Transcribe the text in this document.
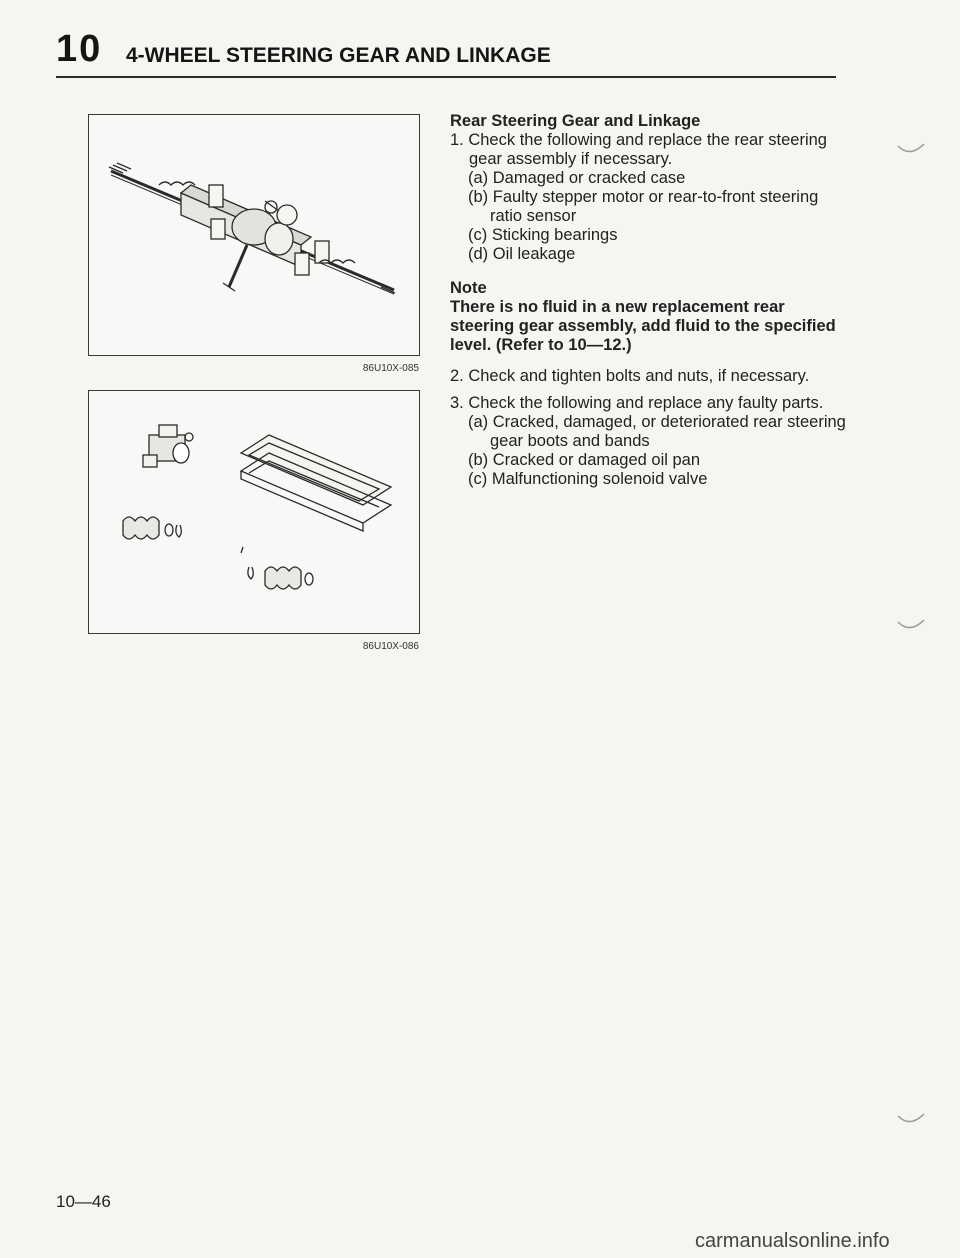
10 4-WHEEL STEERING GEAR AND LINKAGE
86U10X-085
86U10X-086

Rear Steering Gear and Linkage

1. Check the following and replace the rear steering gear assembly if necessary.

(a) Damaged or cracked case

(b) Faulty stepper motor or rear-to-front steering ratio sensor

(c) Sticking bearings

(d) Oil leakage

Note

There is no fluid in a new replacement rear steering gear assembly, add fluid to the specified level. (Refer to 10—12.)

2. Check and tighten bolts and nuts, if necessary.

3. Check the following and replace any faulty parts.

(a) Cracked, damaged, or deteriorated rear steering gear boots and bands

(b) Cracked or damaged oil pan

(c) Malfunctioning solenoid valve

10—46
carmanualsonline.info
